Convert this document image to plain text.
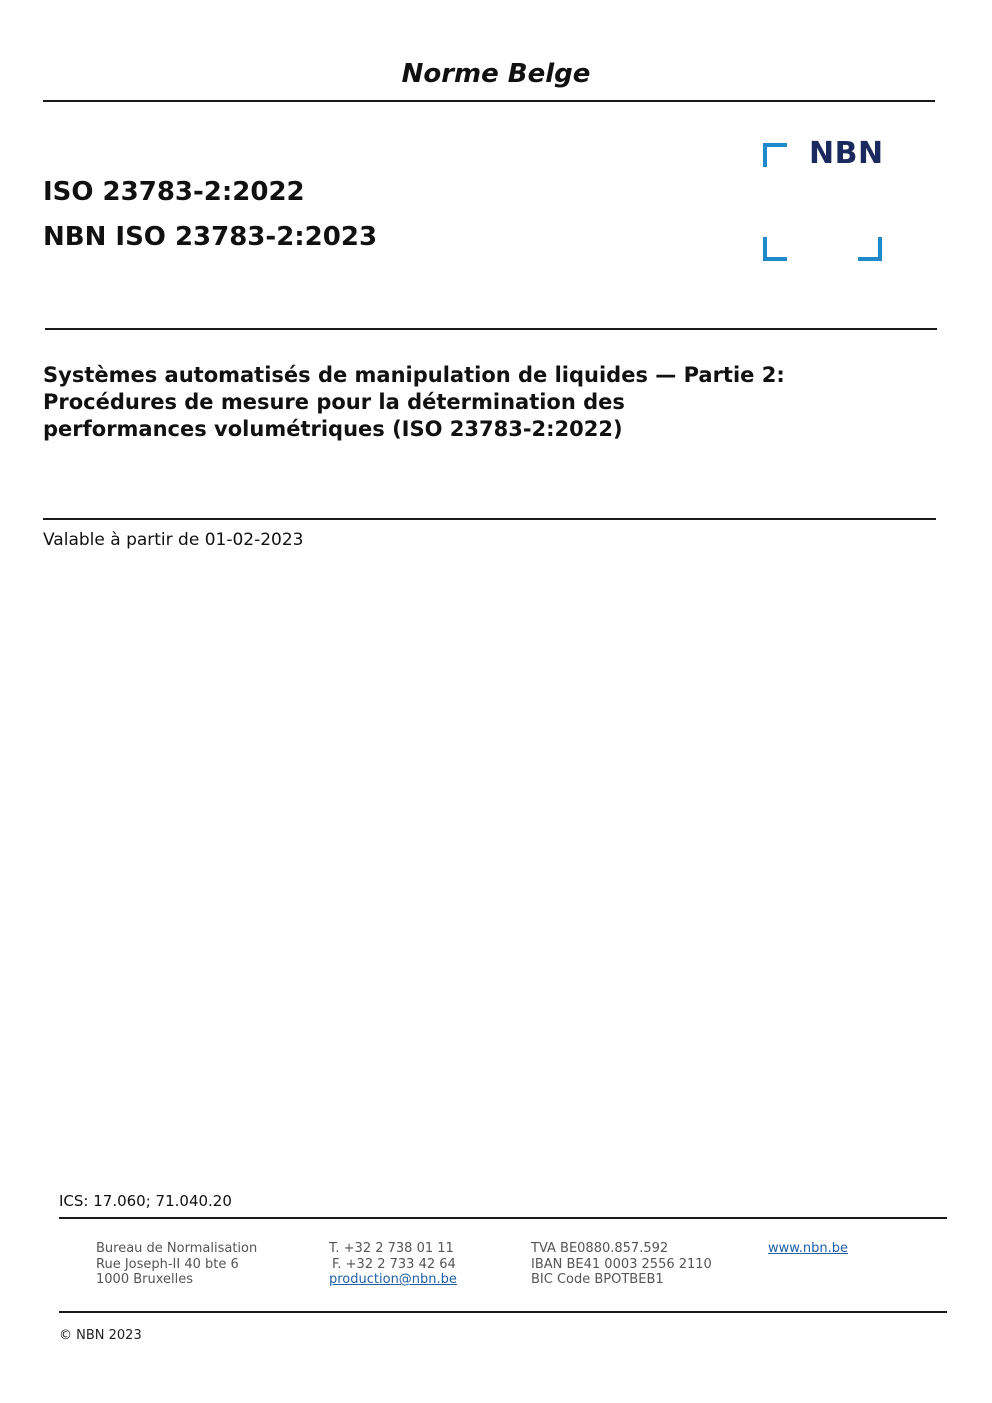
Norme Belge
ISO 23783-2:2022
NBN ISO 23783-2:2023
NBN
Systèmes automatisés de manipulation de liquides — Partie 2:
Procédures de mesure pour la détermination des
performances volumétriques (ISO 23783-2:2022)
Valable à partir de 01-02-2023
ICS: 17.060; 71.040.20
Bureau de Normalisation
Rue Joseph-II 40 bte 6
1000 Bruxelles
T. +32 2 738 01 11
F. +32 2 733 42 64
production@nbn.be
TVA BE0880.857.592
IBAN BE41 0003 2556 2110
BIC Code BPOTBEB1
www.nbn.be
© NBN 2023
